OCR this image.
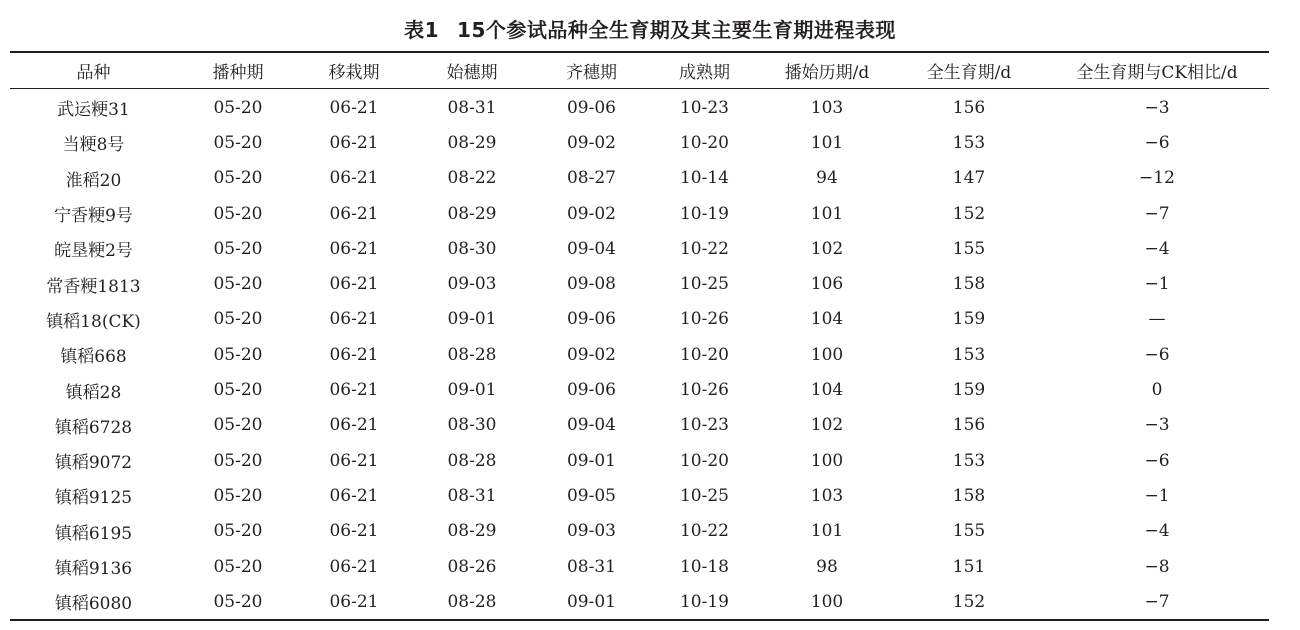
表1 15个参试品种全生育期及其主要生育期进程表现
品种	播种期	移栽期	始穗期	齐穗期	成熟期	播始历期/d	全生育期/d	全生育期与CK相比/d
武运粳31	05-20	06-21	08-31	09-06	10-23	103	156	−3
当粳8号	05-20	06-21	08-29	09-02	10-20	101	153	−6
淮稻20	05-20	06-21	08-22	08-27	10-14	94	147	−12
宁香粳9号	05-20	06-21	08-29	09-02	10-19	101	152	−7
皖垦粳2号	05-20	06-21	08-30	09-04	10-22	102	155	−4
常香粳1813	05-20	06-21	09-03	09-08	10-25	106	158	−1
镇稻18(CK)	05-20	06-21	09-01	09-06	10-26	104	159	—
镇稻668	05-20	06-21	08-28	09-02	10-20	100	153	−6
镇稻28	05-20	06-21	09-01	09-06	10-26	104	159	0
镇稻6728	05-20	06-21	08-30	09-04	10-23	102	156	−3
镇稻9072	05-20	06-21	08-28	09-01	10-20	100	153	−6
镇稻9125	05-20	06-21	08-31	09-05	10-25	103	158	−1
镇稻6195	05-20	06-21	08-29	09-03	10-22	101	155	−4
镇稻9136	05-20	06-21	08-26	08-31	10-18	98	151	−8
镇稻6080	05-20	06-21	08-28	09-01	10-19	100	152	−7
